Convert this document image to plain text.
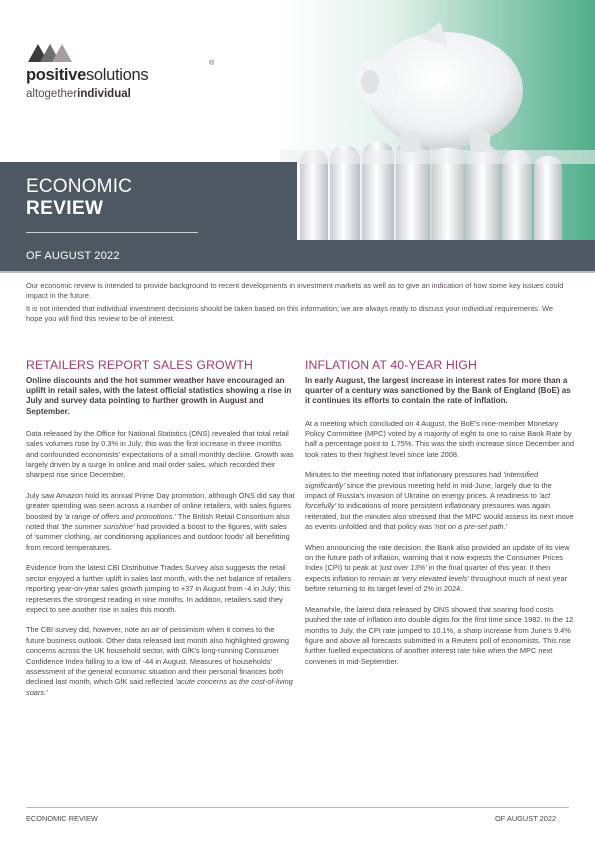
positivesolutions
®
altogetherindividual
ECONOMIC
REVIEW
OF AUGUST 2022

Our economic review is intended to provide background to recent developments in investment markets as well as to give an indication of how some key issues could impact in the future.

It is not intended that individual investment decisions should be taken based on this information; we are always ready to discuss your individual requirements. We hope you will find this review to be of interest.

RETAILERS REPORT SALES GROWTH

Online discounts and the hot summer weather have encouraged an uplift in retail sales, with the latest official statistics showing a rise in July and survey data pointing to further growth in August and September.

Data released by the Office for National Statistics (ONS) revealed that total retail sales volumes rose by 0.3% in July; this was the first increase in three months and confounded economists' expectations of a small monthly decline. Growth was largely driven by a surge in online and mail order sales, which recorded their sharpest rise since December.

July saw Amazon hold its annual Prime Day promotion, although ONS did say that greater spending was seen across a number of online retailers, with sales figures boosted by 'a range of offers and promotions.' The British Retail Consortium also noted that 'the summer sunshine' had provided a boost to the figures, with sales of 'summer clothing, air conditioning appliances and outdoor foods' all benefitting from record temperatures.

Evidence from the latest CBI Distributive Trades Survey also suggests the retail sector enjoyed a further uplift in sales last month, with the net balance of retailers reporting year-on-year sales growth jumping to +37 in August from -4 in July; this represents the strongest reading in nine months. In addition, retailers said they expect to see another rise in sales this month.

The CBI survey did, however, note an air of pessimism when it comes to the future business outlook. Other data released last month also highlighted growing concerns across the UK household sector, with GfK's long-running Consumer Confidence Index falling to a low of -44 in August. Measures of households' assessment of the general economic situation and their personal finances both declined last month, which GfK said reflected 'acute concerns as the cost-of-living soars.'

INFLATION AT 40-YEAR HIGH

In early August, the largest increase in interest rates for more than a quarter of a century was sanctioned by the Bank of England (BoE) as it continues its efforts to contain the rate of inflation.

At a meeting which concluded on 4 August, the BoE's nine-member Monetary Policy Committee (MPC) voted by a majority of eight to one to raise Bank Rate by half a percentage point to 1.75%. This was the sixth increase since December and took rates to their highest level since late 2008.

Minutes to the meeting noted that inflationary pressures had 'intensified significantly' since the previous meeting held in mid-June, largely due to the impact of Russia's invasion of Ukraine on energy prices. A readiness to 'act forcefully' to indications of more persistent inflationary pressures was again reiterated, but the minutes also stressed that the MPC would assess its next move as events unfolded and that policy was 'not on a pre-set path.'

When announcing the rate decision, the Bank also provided an update of its view on the future path of inflation, warning that it now expects the Consumer Prices Index (CPI) to peak at 'just over 13%' in the final quarter of this year. It then expects inflation to remain at 'very elevated levels' throughout much of next year before returning to its target level of 2% in 2024.

Meanwhile, the latest data released by ONS showed that soaring food costs pushed the rate of inflation into double digits for the first time since 1982. In the 12 months to July, the CPI rate jumped to 10.1%, a sharp increase from June's 9.4% figure and above all forecasts submitted in a Reuters poll of economists. This rise further fuelled expectations of another interest rate hike when the MPC next convenes in mid-September.

ECONOMIC REVIEW	OF AUGUST 2022
